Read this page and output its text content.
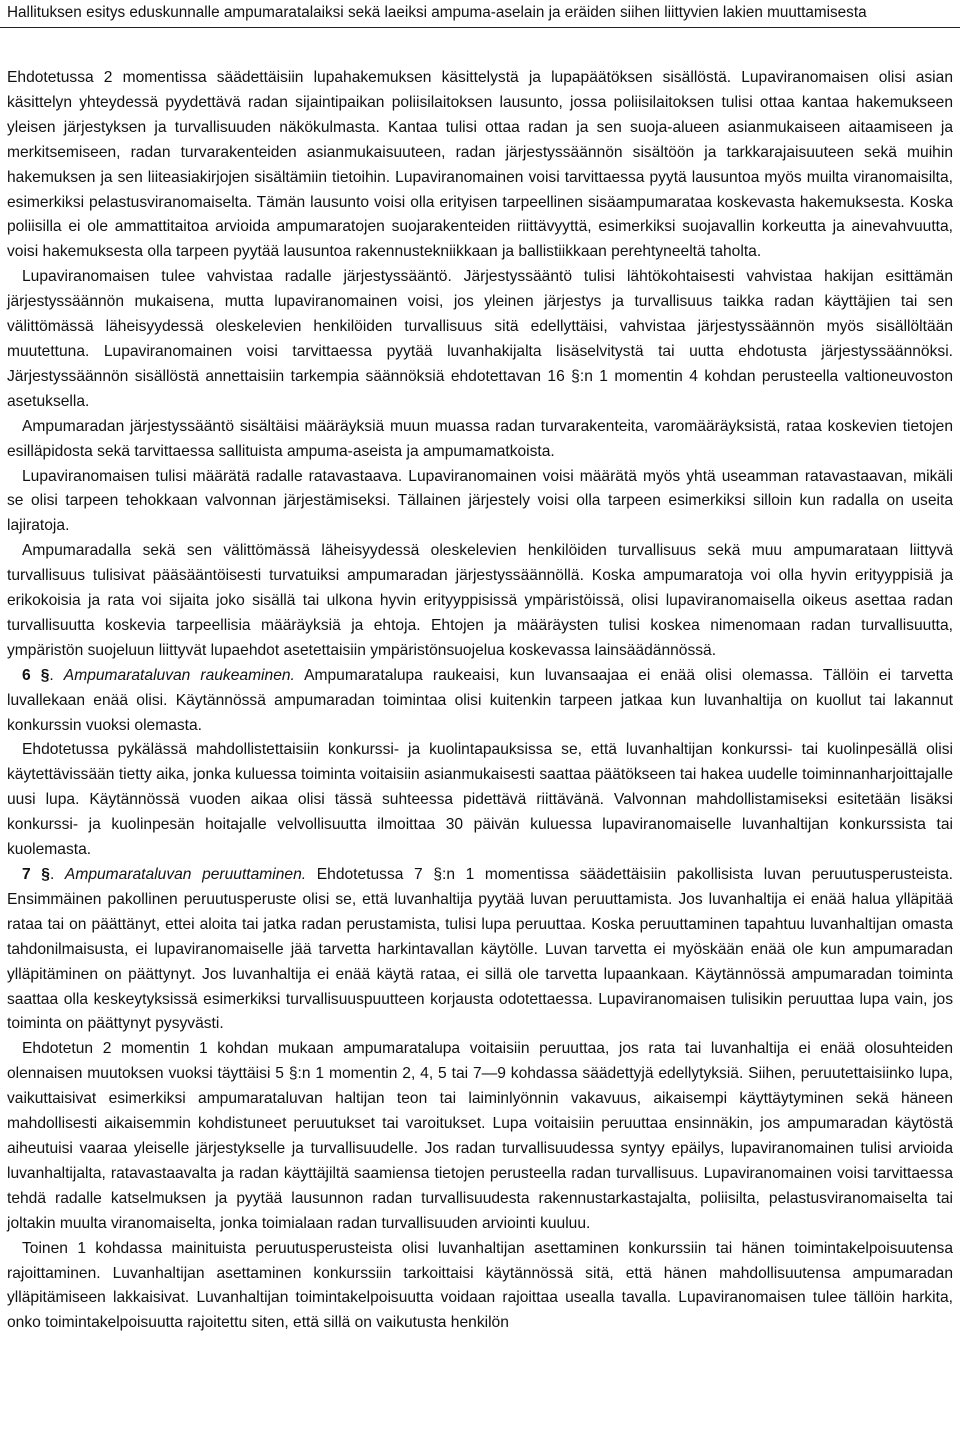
Hallituksen esitys eduskunnalle ampumaratalaiksi sekä laeiksi ampuma-aselain ja eräiden siihen liittyvien lakien muuttamisesta

Ehdotetussa 2 momentissa säädettäisiin lupahakemuksen käsittelystä ja lupapäätöksen sisällöstä. Lupaviranomaisen olisi asian käsittelyn yhteydessä pyydettävä radan sijaintipaikan poliisilaitoksen lausunto, jossa poliisilaitoksen tulisi ottaa kantaa hakemukseen yleisen järjestyksen ja turvallisuuden näkökulmasta. Kantaa tulisi ottaa radan ja sen suoja-alueen asianmukaiseen aitaamiseen ja merkitsemiseen, radan turvarakenteiden asianmukaisuuteen, radan järjestyssäännön sisältöön ja tarkkarajaisuuteen sekä muihin hakemuksen ja sen liiteasiakirjojen sisältämiin tietoihin. Lupaviranomainen voisi tarvittaessa pyytä lausuntoa myös muilta viranomaisilta, esimerkiksi pelastusviranomaiselta. Tämän lausunto voisi olla erityisen tarpeellinen sisäampumarataa koskevasta hakemuksesta. Koska poliisilla ei ole ammattitaitoa arvioida ampumaratojen suojarakenteiden riittävyyttä, esimerkiksi suojavallin korkeutta ja ainevahvuutta, voisi hakemuksesta olla tarpeen pyytää lausuntoa rakennustekniikkaan ja ballistiikkaan perehtyneeltä taholta.

Lupaviranomaisen tulee vahvistaa radalle järjestyssääntö. Järjestyssääntö tulisi lähtökohtaisesti vahvistaa hakijan esittämän järjestyssäännön mukaisena, mutta lupaviranomainen voisi, jos yleinen järjestys ja turvallisuus taikka radan käyttäjien tai sen välittömässä läheisyydessä oleskelevien henkilöiden turvallisuus sitä edellyttäisi, vahvistaa järjestyssäännön myös sisällöltään muutettuna. Lupaviranomainen voisi tarvittaessa pyytää luvanhakijalta lisäselvitystä tai uutta ehdotusta järjestyssäännöksi. Järjestyssäännön sisällöstä annettaisiin tarkempia säännöksiä ehdotettavan 16 §:n 1 momentin 4 kohdan perusteella valtioneuvoston asetuksella.

Ampumaradan järjestyssääntö sisältäisi määräyksiä muun muassa radan turvarakenteita, varomääräyksistä, rataa koskevien tietojen esilläpidosta sekä tarvittaessa sallituista ampuma-aseista ja ampumamatkoista.

Lupaviranomaisen tulisi määrätä radalle ratavastaava. Lupaviranomainen voisi määrätä myös yhtä useamman ratavastaavan, mikäli se olisi tarpeen tehokkaan valvonnan järjestämiseksi. Tällainen järjestely voisi olla tarpeen esimerkiksi silloin kun radalla on useita lajiratoja.

Ampumaradalla sekä sen välittömässä läheisyydessä oleskelevien henkilöiden turvallisuus sekä muu ampumarataan liittyvä turvallisuus tulisivat pääsääntöisesti turvatuiksi ampumaradan järjestyssäännöllä. Koska ampumaratoja voi olla hyvin erityyppisiä ja erikokoisia ja rata voi sijaita joko sisällä tai ulkona hyvin erityyppisissä ympäristöissä, olisi lupaviranomaisella oikeus asettaa radan turvallisuutta koskevia tarpeellisia määräyksiä ja ehtoja. Ehtojen ja määräysten tulisi koskea nimenomaan radan turvallisuutta, ympäristön suojeluun liittyvät lupaehdot asetettaisiin ympäristönsuojelua koskevassa lainsäädännössä.

6 §. Ampumarataluvan raukeaminen. Ampumaratalupa raukeaisi, kun luvansaajaa ei enää olisi olemassa. Tällöin ei tarvetta luvallekaan enää olisi. Käytännössä ampumaradan toimintaa olisi kuitenkin tarpeen jatkaa kun luvanhaltija on kuollut tai lakannut konkurssin vuoksi olemasta.

Ehdotetussa pykälässä mahdollistettaisiin konkurssi- ja kuolintapauksissa se, että luvanhaltijan konkurssi- tai kuolinpesällä olisi käytettävissään tietty aika, jonka kuluessa toiminta voitaisiin asianmukaisesti saattaa päätökseen tai hakea uudelle toiminnanharjoittajalle uusi lupa. Käytännössä vuoden aikaa olisi tässä suhteessa pidettävä riittävänä. Valvonnan mahdollistamiseksi esitetään lisäksi konkurssi- ja kuolinpesän hoitajalle velvollisuutta ilmoittaa 30 päivän kuluessa lupaviranomaiselle luvanhaltijan konkurssista tai kuolemasta.

7 §. Ampumarataluvan peruuttaminen. Ehdotetussa 7 §:n 1 momentissa säädettäisiin pakollisista luvan peruutusperusteista. Ensimmäinen pakollinen peruutusperuste olisi se, että luvanhaltija pyytää luvan peruuttamista. Jos luvanhaltija ei enää halua ylläpitää rataa tai on päättänyt, ettei aloita tai jatka radan perustamista, tulisi lupa peruuttaa. Koska peruuttaminen tapahtuu luvanhaltijan omasta tahdonilmaisusta, ei lupaviranomaiselle jää tarvetta harkintavallan käytölle. Luvan tarvetta ei myöskään enää ole kun ampumaradan ylläpitäminen on päättynyt. Jos luvanhaltija ei enää käytä rataa, ei sillä ole tarvetta lupaankaan. Käytännössä ampumaradan toiminta saattaa olla keskeytyksissä esimerkiksi turvallisuuspuutteen korjausta odotettaessa. Lupaviranomaisen tulisikin peruuttaa lupa vain, jos toiminta on päättynyt pysyvästi.

Ehdotetun 2 momentin 1 kohdan mukaan ampumaratalupa voitaisiin peruuttaa, jos rata tai luvanhaltija ei enää olosuhteiden olennaisen muutoksen vuoksi täyttäisi 5 §:n 1 momentin 2, 4, 5 tai 7—9 kohdassa säädettyjä edellytyksiä. Siihen, peruutettaisiinko lupa, vaikuttaisivat esimerkiksi ampumarataluvan haltijan teon tai laiminlyönnin vakavuus, aikaisempi käyttäytyminen sekä häneen mahdollisesti aikaisemmin kohdistuneet peruutukset tai varoitukset. Lupa voitaisiin peruuttaa ensinnäkin, jos ampumaradan käytöstä aiheutuisi vaaraa yleiselle järjestykselle ja turvallisuudelle. Jos radan turvallisuudessa syntyy epäilys, lupaviranomainen tulisi arvioida luvanhaltijalta, ratavastaavalta ja radan käyttäjiltä saamiensa tietojen perusteella radan turvallisuus. Lupaviranomainen voisi tarvittaessa tehdä radalle katselmuksen ja pyytää lausunnon radan turvallisuudesta rakennustarkastajalta, poliisilta, pelastusviranomaiselta tai joltakin muulta viranomaiselta, jonka toimialaan radan turvallisuuden arviointi kuuluu.

Toinen 1 kohdassa mainituista peruutusperusteista olisi luvanhaltijan asettaminen konkurssiin tai hänen toimintakelpoisuutensa rajoittaminen. Luvanhaltijan asettaminen konkurssiin tarkoittaisi käytännössä sitä, että hänen mahdollisuutensa ampumaradan ylläpitämiseen lakkaisivat. Luvanhaltijan toimintakelpoisuutta voidaan rajoittaa usealla tavalla. Lupaviranomaisen tulee tällöin harkita, onko toimintakelpoisuutta rajoitettu siten, että sillä on vaikutusta henkilön
